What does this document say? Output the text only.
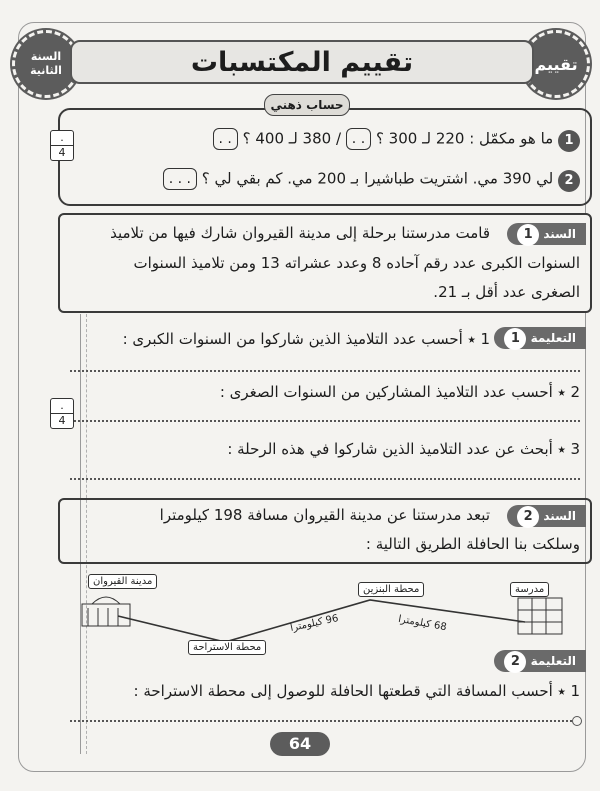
تقييم
السنة
الثانية	تقييم المكتسبات
حساب ذهني
1 ما هو مكمّل : 220 لـ 300 ؟ . . / 380 لـ 400 ؟ . .
2 لي 390 مي. اشتريت طباشيرا بـ 200 مي. كم بقي لي ؟ . . .
.
4
السند 1
قامت مدرستنا برحلة إلى مدينة القيروان شارك فيها من تلاميذ
السنوات الكبرى عدد رقم آحاده 8 وعدد عشراته 13 ومن تلاميذ السنوات
الصغرى عدد أقل بـ 21.
التعليمة 1
1 ⭑ أحسب عدد التلاميذ الذين شاركوا من السنوات الكبرى :
2 ⭑ أحسب عدد التلاميذ المشاركين من السنوات الصغرى :
3 ⭑ أبحث عن عدد التلاميذ الذين شاركوا في هذه الرحلة :
.
4
السند 2
تبعد مدرستنا عن مدينة القيروان مسافة 198 كيلومترا
وسلكت بنا الحافلة الطريق التالية :
مدينة القيروان
محطة البنزين
محطة الاستراحة
مدرسة
96 كيلومترا	68 كيلومترا
التعليمة 2
1 ⭑ أحسب المسافة التي قطعتها الحافلة للوصول إلى محطة الاستراحة :
64
